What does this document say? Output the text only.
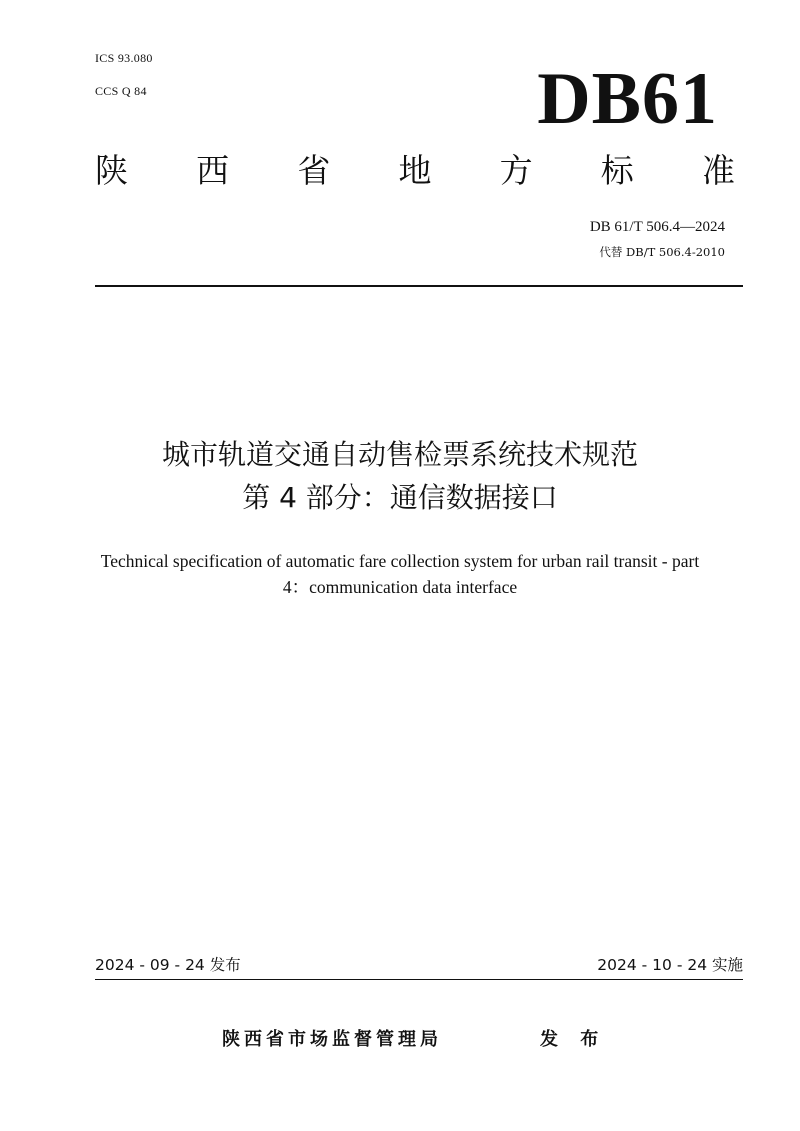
ICS 93.080
CCS Q 84	DB61
陕 西 省 地 方 标 准
DB 61/T 506.4—2024
代替 DB/T 506.4-2010
城市轨道交通自动售检票系统技术规范
第 4 部分：通信数据接口
Technical specification of automatic fare collection system for urban rail transit - part
4：communication data interface
2024 - 09 - 24 发布	2024 - 10 - 24 实施
陕西省市场监督管理局	发 布
